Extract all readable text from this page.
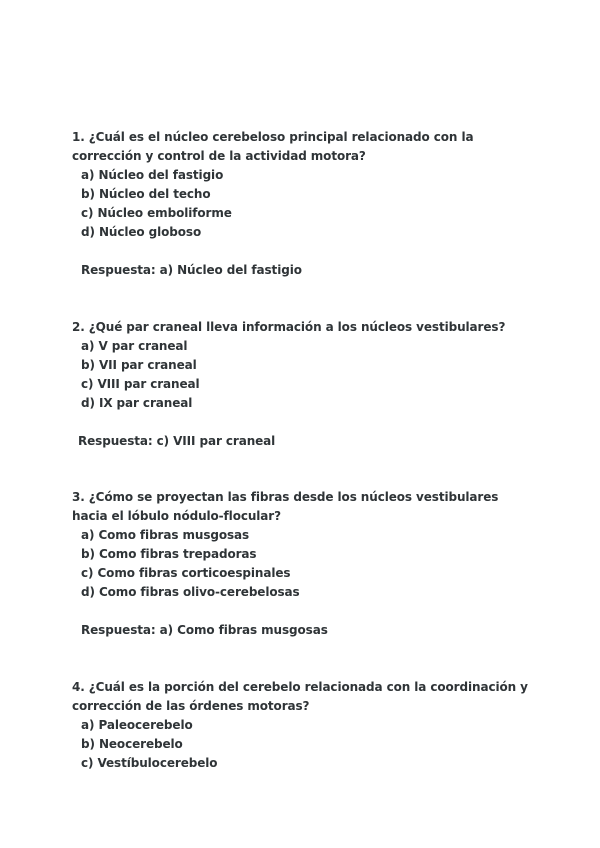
1. ¿Cuál es el núcleo cerebeloso principal relacionado con la corrección y control de la actividad motora?

a) Núcleo del fastigio

b) Núcleo del techo

c) Núcleo emboliforme

d) Núcleo globoso

Respuesta: a) Núcleo del fastigio

2. ¿Qué par craneal lleva información a los núcleos vestibulares?

a) V par craneal

b) VII par craneal

c) VIII par craneal

d) IX par craneal

Respuesta: c) VIII par craneal

3. ¿Cómo se proyectan las fibras desde los núcleos vestibulares hacia el lóbulo nódulo-flocular?

a) Como fibras musgosas

b) Como fibras trepadoras

c) Como fibras corticoespinales

d) Como fibras olivo-cerebelosas

Respuesta: a) Como fibras musgosas

4. ¿Cuál es la porción del cerebelo relacionada con la coordinación y corrección de las órdenes motoras?

a) Paleocerebelo

b) Neocerebelo

c) Vestíbulocerebelo
